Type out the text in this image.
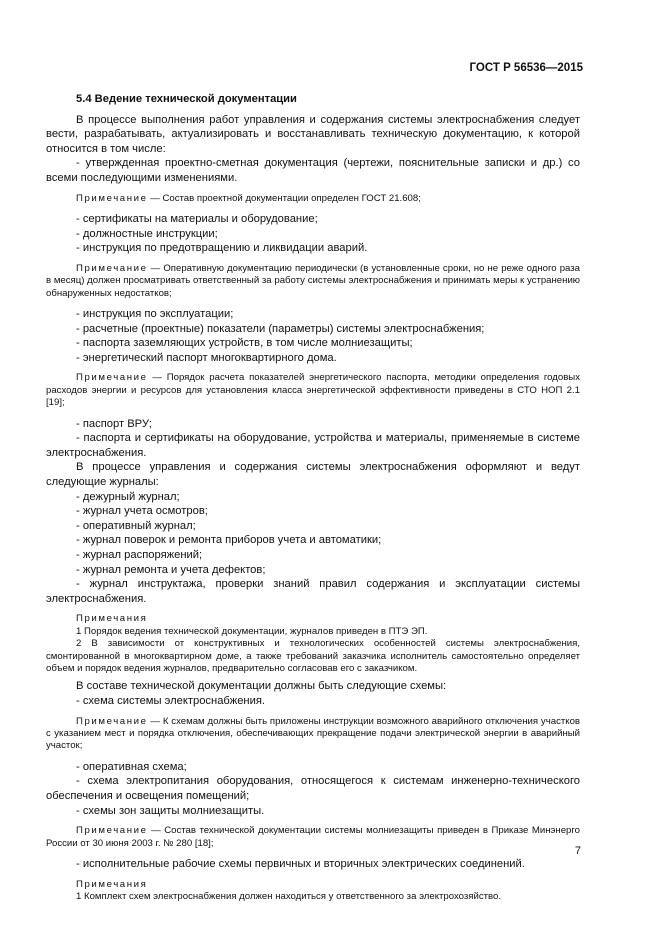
ГОСТ Р 56536—2015

5.4 Ведение технической документации

В процессе выполнения работ управления и содержания системы электроснабжения следует вести, разрабатывать, актуализировать и восстанавливать техническую документацию, к которой относится в том числе:

- утвержденная проектно-сметная документация (чертежи, пояснительные записки и др.) со всеми последующими изменениями.

Примечание — Состав проектной документации определен ГОСТ 21.608;

- сертификаты на материалы и оборудование;

- должностные инструкции;

- инструкция по предотвращению и ликвидации аварий.

Примечание — Оперативную документацию периодически (в установленные сроки, но не реже одного раза в месяц) должен просматривать ответственный за работу системы электроснабжения и принимать меры к устранению обнаруженных недостатков;

- инструкция по эксплуатации;

- расчетные (проектные) показатели (параметры) системы электроснабжения;

- паспорта заземляющих устройств, в том числе молниезащиты;

- энергетический паспорт многоквартирного дома.

Примечание — Порядок расчета показателей энергетического паспорта, методики определения годовых расходов энергии и ресурсов для установления класса энергетической эффективности приведены в СТО НОП 2.1 [19];

- паспорт ВРУ;

- паспорта и сертификаты на оборудование, устройства и материалы, применяемые в системе электроснабжения.

В процессе управления и содержания системы электроснабжения оформляют и ведут следующие журналы:

- дежурный журнал;

- журнал учета осмотров;

- оперативный журнал;

- журнал поверок и ремонта приборов учета и автоматики;

- журнал распоряжений;

- журнал ремонта и учета дефектов;

- журнал инструктажа, проверки знаний правил содержания и эксплуатации системы электроснабжения.

Примечания

1 Порядок ведения технической документации, журналов приведен в ПТЭ ЭП.

2 В зависимости от конструктивных и технологических особенностей системы электроснабжения, смонтированной в многоквартирном доме, а также требований заказчика исполнитель самостоятельно определяет объем и порядок ведения журналов, предварительно согласовав его с заказчиком.

В составе технической документации должны быть следующие схемы:

- схема системы электроснабжения.

Примечание — К схемам должны быть приложены инструкции возможного аварийного отключения участков с указанием мест и порядка отключения, обеспечивающих прекращение подачи электрической энергии в аварийный участок;

- оперативная схема;

- схема электропитания оборудования, относящегося к системам инженерно-технического обеспечения и освещения помещений;

- схемы зон защиты молниезащиты.

Примечание — Состав технической документации системы молниезащиты приведен в Приказе Минэнерго России от 30 июня 2003 г. № 280 [18];

- исполнительные рабочие схемы первичных и вторичных электрических соединений.

Примечания

1 Комплект схем электроснабжения должен находиться у ответственного за электрохозяйство.

7
